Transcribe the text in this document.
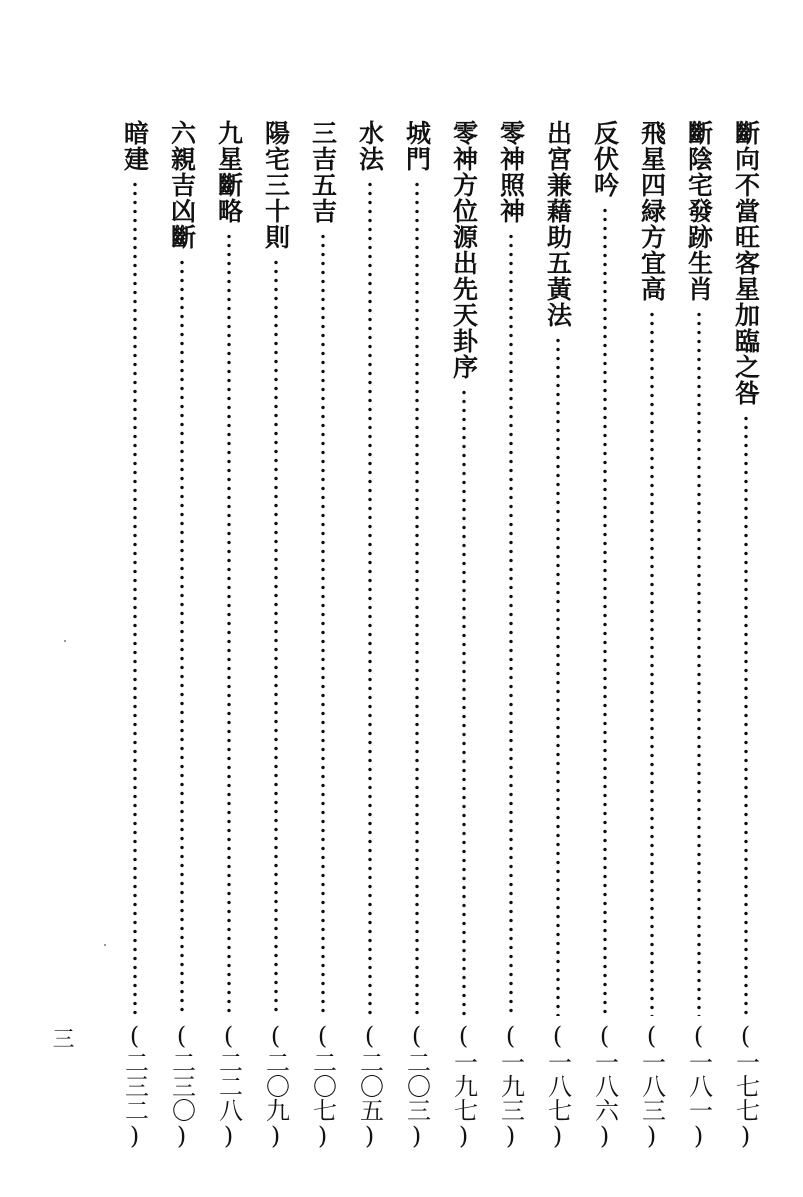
斷向不當旺客星加臨之咎
(一七七)
斷陰宅發跡生肖
(一八一)
飛星四緑方宜高
(一八三)
反伏吟
(一八六)
出宮兼藉助五黃法
(一八七)
零神照神
(一九三)
零神方位源出先天卦序
(一九七)
城門
(二〇三)
水法
(二〇五)
三吉五吉
(二〇七)
陽宅三十則
(二〇九)
九星斷略
(二二八)
六親吉凶斷
(二三〇)
暗建
(二三二)
三
